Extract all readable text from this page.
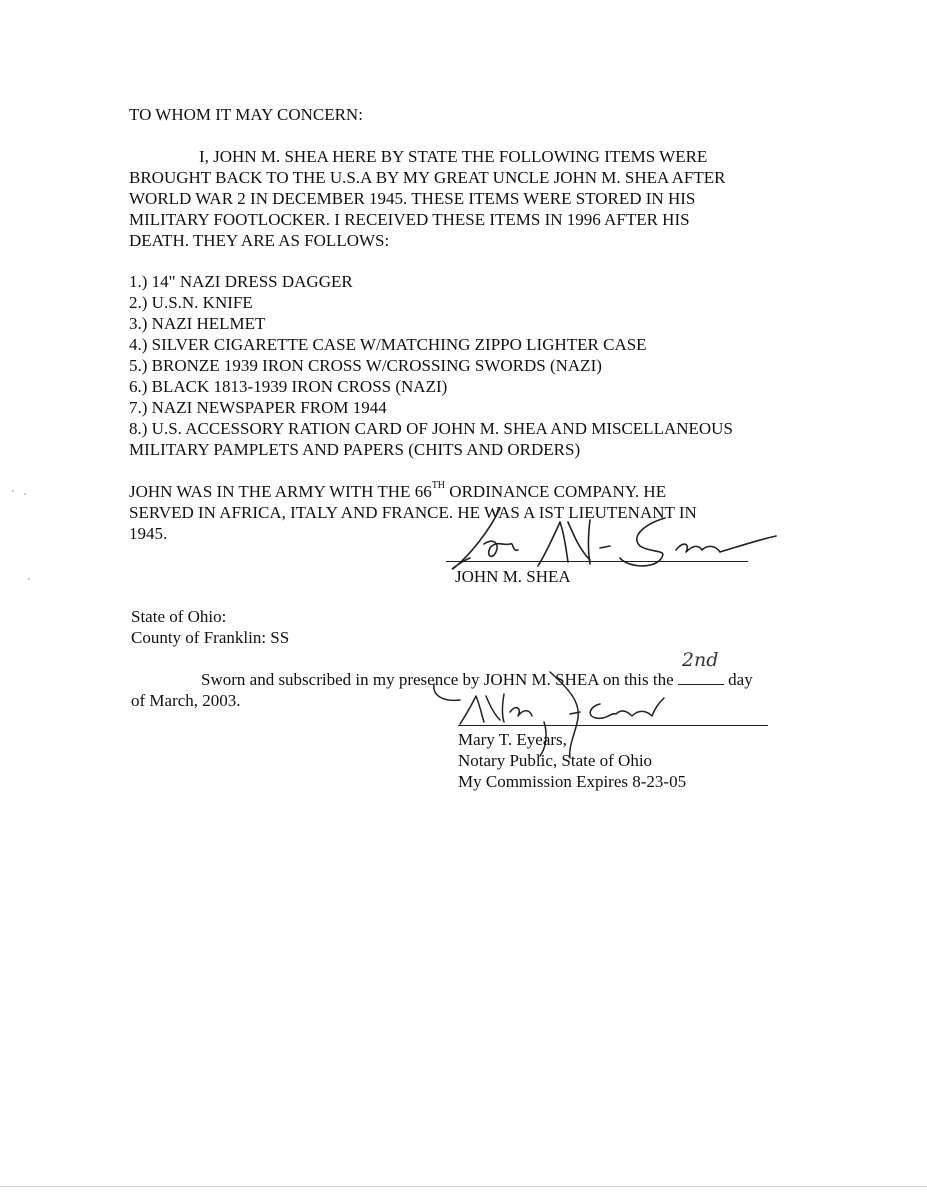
TO WHOM IT MAY CONCERN:
I, JOHN M. SHEA HERE BY STATE THE FOLLOWING ITEMS WERE
BROUGHT BACK TO THE U.S.A BY MY GREAT UNCLE JOHN M. SHEA AFTER
WORLD WAR 2 IN DECEMBER 1945. THESE ITEMS WERE STORED IN HIS
MILITARY FOOTLOCKER. I RECEIVED THESE ITEMS IN 1996 AFTER HIS
DEATH. THEY ARE AS FOLLOWS:
1.) 14" NAZI DRESS DAGGER
2.) U.S.N. KNIFE
3.) NAZI HELMET
4.) SILVER CIGARETTE CASE W/MATCHING ZIPPO LIGHTER CASE
5.) BRONZE 1939 IRON CROSS W/CROSSING SWORDS (NAZI)
6.) BLACK 1813-1939 IRON CROSS (NAZI)
7.) NAZI NEWSPAPER FROM 1944
8.) U.S. ACCESSORY RATION CARD OF JOHN M. SHEA AND MISCELLANEOUS
MILITARY PAMPLETS AND PAPERS (CHITS AND ORDERS)
JOHN WAS IN THE ARMY WITH THE 66TH ORDINANCE COMPANY. HE
SERVED IN AFRICA, ITALY AND FRANCE. HE WAS A IST LIEUTENANT IN
1945.
JOHN M. SHEA
State of Ohio:
County of Franklin: SS
Sworn and subscribed in my presence by JOHN M. SHEA on this the
2nd
day
of March, 2003.
Mary T. Eyears,
Notary Public, State of Ohio
My Commission Expires 8-23-05
